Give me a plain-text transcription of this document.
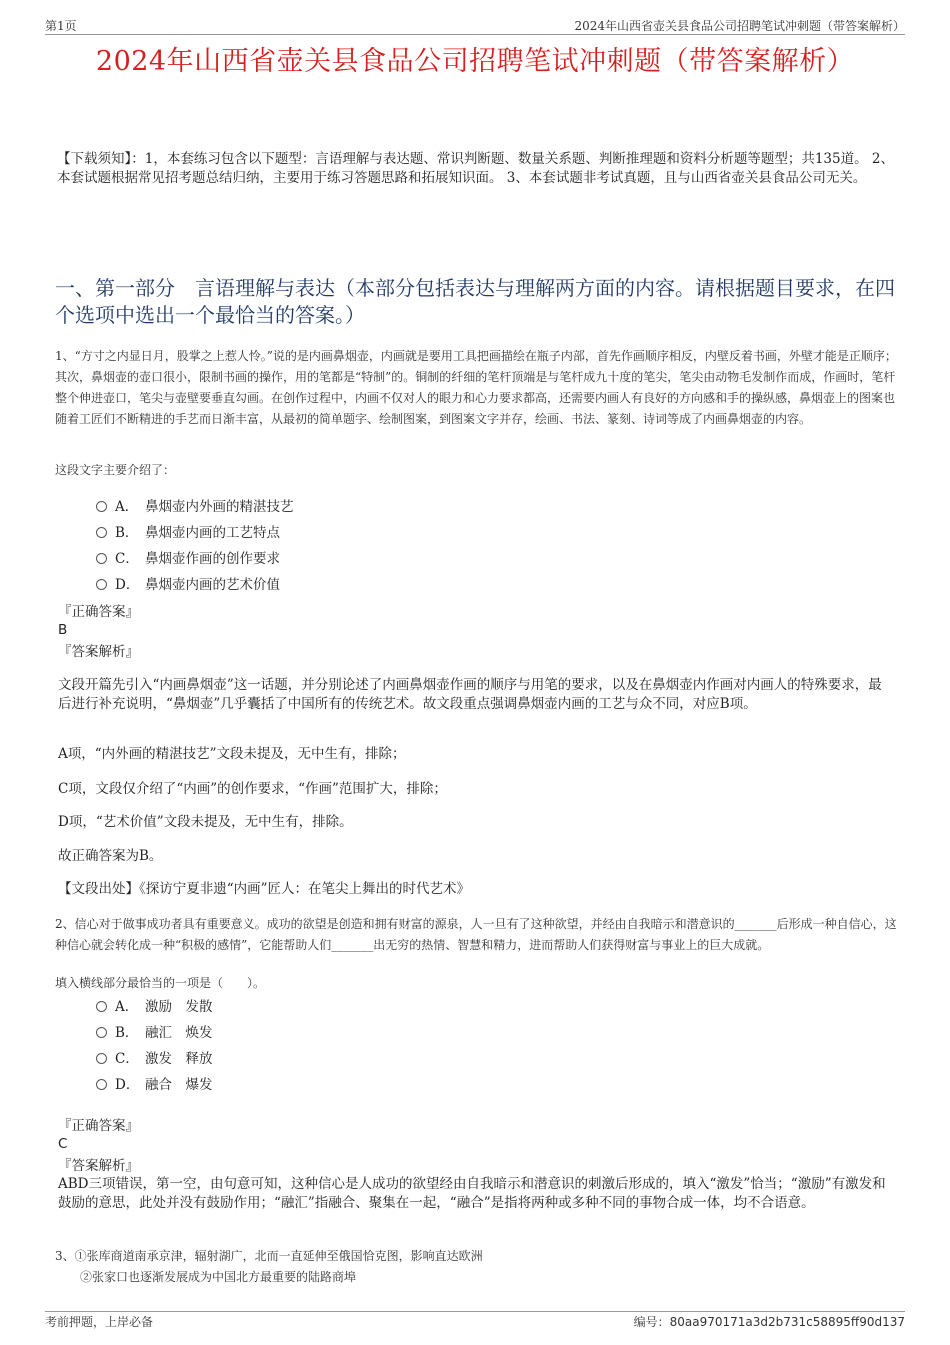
第1页	2024年山西省壶关县食品公司招聘笔试冲刺题（带答案解析）
2024年山西省壶关县食品公司招聘笔试冲刺题（带答案解析）
【下载须知】：1，本套练习包含以下题型：言语理解与表达题、常识判断题、数量关系题、判断推理题和资料分析题等题型；共135道。 2、本套试题根据常见招考题总结归纳，主要用于练习答题思路和拓展知识面。 3、本套试题非考试真题，且与山西省壶关县食品公司无关。
一、第一部分　言语理解与表达（本部分包括表达与理解两方面的内容。请根据题目要求，在四个选项中选出一个最恰当的答案。）
1、“方寸之内显日月，股掌之上惹人怜。”说的是内画鼻烟壶，内画就是要用工具把画描绘在瓶子内部，首先作画顺序相反，内壁反着书画，外壁才能是正顺序；其次，鼻烟壶的壶口很小，限制书画的操作，用的笔都是“特制”的。铜制的纤细的笔杆顶端是与笔杆成九十度的笔尖，笔尖由动物毛发制作而成，作画时，笔杆整个伸进壶口，笔尖与壶壁要垂直勾画。在创作过程中，内画不仅对人的眼力和心力要求都高，还需要内画人有良好的方向感和手的操纵感，鼻烟壶上的图案也随着工匠们不断精进的手艺而日渐丰富，从最初的简单题字、绘制图案，到图案文字并存，绘画、书法、篆刻、诗词等成了内画鼻烟壶的内容。
这段文字主要介绍了：
A． 鼻烟壶内外画的精湛技艺
B． 鼻烟壶内画的工艺特点
C． 鼻烟壶作画的创作要求
D． 鼻烟壶内画的艺术价值
『正确答案』
B
『答案解析』
文段开篇先引入“内画鼻烟壶”这一话题，并分别论述了内画鼻烟壶作画的顺序与用笔的要求，以及在鼻烟壶内作画对内画人的特殊要求，最后进行补充说明，“鼻烟壶”几乎囊括了中国所有的传统艺术。故文段重点强调鼻烟壶内画的工艺与众不同，对应B项。
A项，“内外画的精湛技艺”文段未提及，无中生有，排除；
C项，文段仅介绍了“内画”的创作要求，“作画”范围扩大，排除；
D项，“艺术价值”文段未提及，无中生有，排除。
故正确答案为B。
【文段出处】《探访宁夏非遗“内画”匠人：在笔尖上舞出的时代艺术》
2、信心对于做事成功者具有重要意义。成功的欲望是创造和拥有财富的源泉，人一旦有了这种欲望，并经由自我暗示和潜意识的_______后形成一种自信心，这种信心就会转化成一种“积极的感情”，它能帮助人们_______出无穷的热情、智慧和精力，进而帮助人们获得财富与事业上的巨大成就。
填入横线部分最恰当的一项是（　　）。
A． 激励　发散
B． 融汇　焕发
C． 激发　释放
D． 融合　爆发
『正确答案』
C
『答案解析』
ABD三项错误，第一空，由句意可知，这种信心是人成功的欲望经由自我暗示和潜意识的刺激后形成的，填入“激发”恰当；“激励”有激发和鼓励的意思，此处并没有鼓励作用；“融汇”指融合、聚集在一起，“融合”是指将两种或多种不同的事物合成一体，均不合语意。
3、①张库商道南承京津，辐射湖广，北而一直延伸至俄国恰克图，影响直达欧洲
②张家口也逐渐发展成为中国北方最重要的陆路商埠
考前押题，上岸必备	编号：80aa970171a3d2b731c58895ff90d137
